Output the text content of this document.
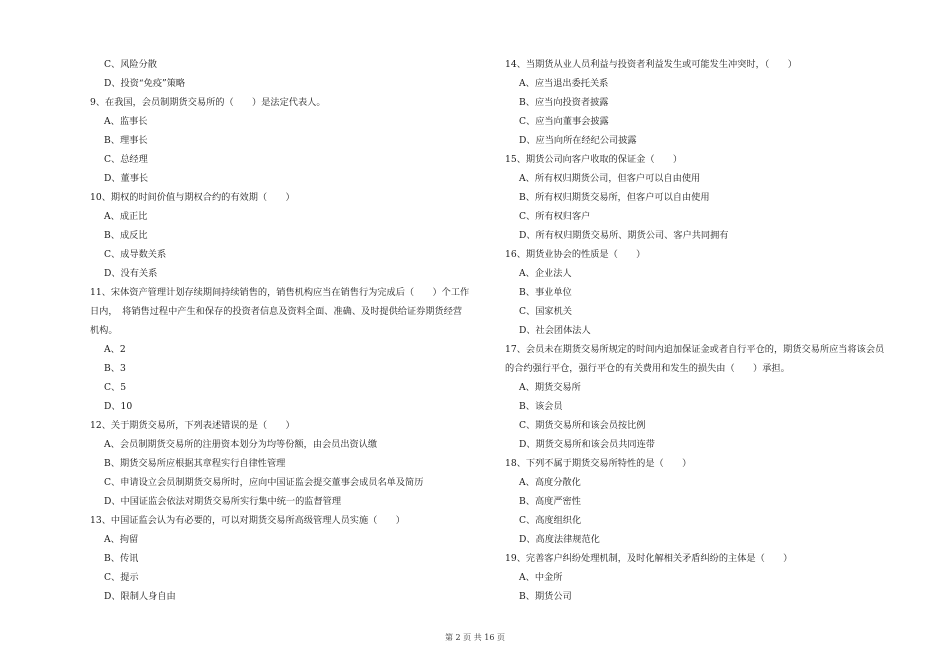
C、风险分散
D、投资“免疫”策略
9、在我国，会员制期货交易所的（　　）是法定代表人。
A、监事长
B、理事长
C、总经理
D、董事长
10、期权的时间价值与期权合约的有效期（　　）
A、成正比
B、成反比
C、成导数关系
D、没有关系
11、宋体资产管理计划存续期间持续销售的，销售机构应当在销售行为完成后（　　）个工作
日内，　将销售过程中产生和保存的投资者信息及资料全面、准确、及时提供给证券期货经营
机构。
A、2
B、3
C、5
D、10
12、关于期货交易所，下列表述错误的是（　　）
A、会员制期货交易所的注册资本划分为均等份额，由会员出资认缴
B、期货交易所应根据其章程实行自律性管理
C、申请设立会员制期货交易所时，应向中国证监会提交董事会成员名单及简历
D、中国证监会依法对期货交易所实行集中统一的监督管理
13、中国证监会认为有必要的，可以对期货交易所高级管理人员实施（　　）
A、拘留
B、传讯
C、提示
D、限制人身自由
14、当期货从业人员利益与投资者利益发生或可能发生冲突时，（　　）
A、应当退出委托关系
B、应当向投资者披露
C、应当向董事会披露
D、应当向所在经纪公司披露
15、期货公司向客户收取的保证金（　　）
A、所有权归期货公司，但客户可以自由使用
B、所有权归期货交易所，但客户可以自由使用
C、所有权归客户
D、所有权归期货交易所、期货公司、客户共同拥有
16、期货业协会的性质是（　　）
A、企业法人
B、事业单位
C、国家机关
D、社会团体法人
17、会员未在期货交易所规定的时间内追加保证金或者自行平仓的，期货交易所应当将该会员
的合约强行平仓，强行平仓的有关费用和发生的损失由（　　）承担。
A、期货交易所
B、该会员
C、期货交易所和该会员按比例
D、期货交易所和该会员共同连带
18、下列不属于期货交易所特性的是（　　）
A、高度分散化
B、高度严密性
C、高度组织化
D、高度法律规范化
19、完善客户纠纷处理机制，及时化解相关矛盾纠纷的主体是（　　）
A、中金所
B、期货公司
第 2 页 共 16 页
